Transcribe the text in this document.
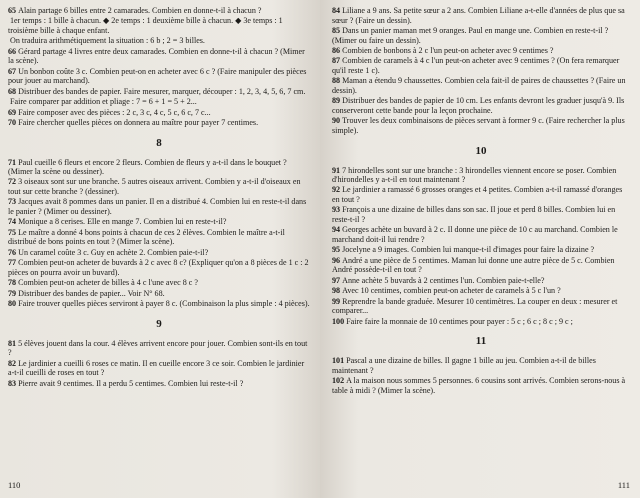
65 Alain partage 6 billes entre 2 camarades. Combien en donne-t-il à chacun ?

1er temps : 1 bille à chacun. ◆ 2e temps : 1 deuxième bille à chacun. ◆ 3e temps : 1 troisième bille à chaque enfant.

On traduira arithmétiquement la situation : 6 b ; 2 = 3 billes.

66 Gérard partage 4 livres entre deux camarades. Combien en donne-t-il à chacun ? (Mimer la scène).

67 Un bonbon coûte 3 c. Combien peut-on en acheter avec 6 c ? (Faire manipuler des pièces pour jouer au marchand).

68 Distribuer des bandes de papier. Faire mesurer, marquer, découper : 1, 2, 3, 4, 5, 6, 7 cm.

Faire comparer par addition et pliage : 7 = 6 + 1 = 5 + 2...

69 Faire composer avec des pièces : 2 c, 3 c, 4 c, 5 c, 6 c, 7 c...

70 Faire chercher quelles pièces on donnera au maître pour payer 7 centimes.

8

71 Paul cueille 6 fleurs et encore 2 fleurs. Combien de fleurs y a-t-il dans le bouquet ? (Mimer la scène ou dessiner).

72 3 oiseaux sont sur une branche. 5 autres oiseaux arrivent. Combien y a-t-il d'oiseaux en tout sur cette branche ? (dessiner).

73 Jacques avait 8 pommes dans un panier. Il en a distribué 4. Combien lui en reste-t-il dans le panier ? (Mimer ou dessiner).

74 Monique a 8 cerises. Elle en mange 7. Combien lui en reste-t-il?

75 Le maître a donné 4 bons points à chacun de ces 2 élèves. Combien le maître a-t-il distribué de bons points en tout ? (Mimer la scène).

76 Un caramel coûte 3 c. Guy en achète 2. Combien paie-t-il?

77 Combien peut-on acheter de buvards à 2 c avec 8 c? (Expliquer qu'on a 8 pièces de 1 c : 2 pièces on pourra avoir un buvard).

78 Combien peut-on acheter de billes à 4 c l'une avec 8 c ?

79 Distribuer des bandes de papier... Voir N° 68.

80 Faire trouver quelles pièces serviront à payer 8 c. (Combinaison la plus simple : 4 pièces).

9

81 5 élèves jouent dans la cour. 4 élèves arrivent encore pour jouer. Combien sont-ils en tout ?

82 Le jardinier a cueilli 6 roses ce matin. Il en cueille encore 3 ce soir. Combien le jardinier a-t-il cueilli de roses en tout ?

83 Pierre avait 9 centimes. Il a perdu 5 centimes. Combien lui reste-t-il ?

110

84 Liliane a 9 ans. Sa petite sœur a 2 ans. Combien Liliane a-t-elle d'années de plus que sa sœur ? (Faire un dessin).

85 Dans un panier maman met 9 oranges. Paul en mange une. Combien en reste-t-il ? (Mimer ou faire un dessin).

86 Combien de bonbons à 2 c l'un peut-on acheter avec 9 centimes ?

87 Combien de caramels à 4 c l'un peut-on acheter avec 9 centimes ? (On fera remarquer qu'il reste 1 c).

88 Maman a étendu 9 chaussettes. Combien cela fait-il de paires de chaussettes ? (Faire un dessin).

89 Distribuer des bandes de papier de 10 cm. Les enfants devront les graduer jusqu'à 9. Ils conserveront cette bande pour la leçon prochaine.

90 Trouver les deux combinaisons de pièces servant à former 9 c. (Faire rechercher la plus simple).

10

91 7 hirondelles sont sur une branche : 3 hirondelles viennent encore se poser. Combien d'hirondelles y a-t-il en tout maintenant ?

92 Le jardinier a ramassé 6 grosses oranges et 4 petites. Combien a-t-il ramassé d'oranges en tout ?

93 François a une dizaine de billes dans son sac. Il joue et perd 8 billes. Combien lui en reste-t-il ?

94 Georges achète un buvard à 2 c. Il donne une pièce de 10 c au marchand. Combien le marchand doit-il lui rendre ?

95 Jocelyne a 9 images. Combien lui manque-t-il d'images pour faire la dizaine ?

96 André a une pièce de 5 centimes. Maman lui donne une autre pièce de 5 c. Combien André possède-t-il en tout ?

97 Anne achète 5 buvards à 2 centimes l'un. Combien paie-t-elle?

98 Avec 10 centimes, combien peut-on acheter de caramels à 5 c l'un ?

99 Reprendre la bande graduée. Mesurer 10 centimètres. La couper en deux : mesurer et comparer...

100 Faire faire la monnaie de 10 centimes pour payer : 5 c ; 6 c ; 8 c ; 9 c ;

11

101 Pascal a une dizaine de billes. Il gagne 1 bille au jeu. Combien a-t-il de billes maintenant ?

102 A la maison nous sommes 5 personnes. 6 cousins sont arrivés. Combien serons-nous à table à midi ? (Mimer la scène).

111
